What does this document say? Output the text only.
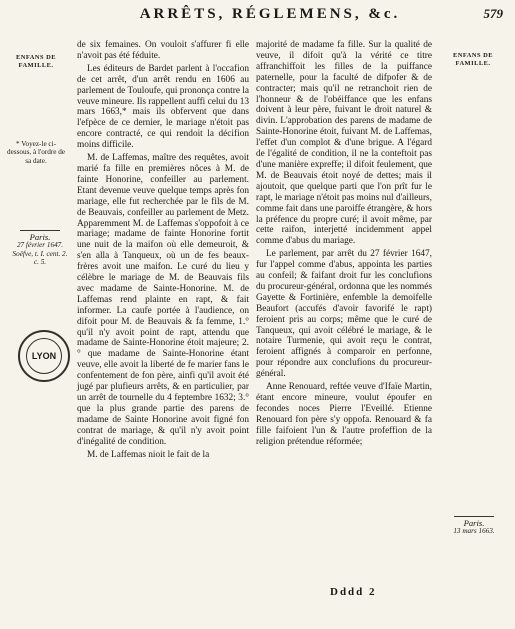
ARRÊTS, RÉGLEMENS, &c.	579
ENFANS DE FAMILLE.
* Voyez-le ci-dessous, à l'ordre de sa date.
Paris.
27 février 1647.
Soëfve, t. I. cent. 2. c. 5.
ENFANS DE FAMILLE.
Paris.
13 mars 1663.
LYON

de six femaines. On vouloit s'affurer fi elle n'avoit pas été féduite.

Les éditeurs de Bardet parlent à l'occafion de cet arrêt, d'un arrêt rendu en 1606 au parlement de Touloufe, qui prononça contre la veuve mineure. Ils rappellent auffi celui du 13 mars 1663,* mais ils obfervent que dans l'efpèce de ce dernier, le mariage n'étoit pas encore contracté, ce qui rendoit la décifion moins difficile.

M. de Laffemas, maître des requêtes, avoit marié fa fille en premières nôces à M. de fainte Honorine, confeiller au parlement. Etant devenue veuve quelque temps après fon mariage, elle fut recherchée par le fils de M. de Beauvais, confeiller au parlement de Metz. Apparemment M. de Laffemas s'oppofoit à ce mariage; madame de fainte Honorine fortit une nuit de la maifon où elle demeuroit, & s'en alla à Tanqueux, où un de fes beaux-frères avoit une maifon. Le curé du lieu y célèbre le mariage de M. de Beauvais fils avec madame de Sainte-Honorine. M. de Laffemas rend plainte en rapt, & fait informer. La caufe portée à l'audience, on difoit pour M. de Beauvais & fa femme, 1.° qu'il n'y avoit point de rapt, attendu que madame de Sainte-Honorine étoit majeure; 2.° que madame de Sainte-Honorine étant veuve, elle avoit la liberté de fe marier fans le confentement de fon père, ainfi qu'il avoit été jugé par plufieurs arrêts, & en particulier, par un arrêt de tournelle du 4 feptembre 1632; 3.° que la plus grande partie des parens de madame de Sainte Honorine avoit figné fon contrat de mariage, & qu'il n'y avoit point d'inégalité de condition.

M. de Laffemas nioit le fait de la

majorité de madame fa fille. Sur la qualité de veuve, il difoit qu'à la vérité ce titre affranchiffoit les filles de la puiffance paternelle, pour la faculté de difpofer & de contracter; mais qu'il ne retranchoit rien de l'honneur & de l'obéiffance que les enfans doivent à leur père, fuivant le droit naturel & divin. L'approbation des parens de madame de Sainte-Honorine étoit, fuivant M. de Laffemas, l'effet d'un complot & d'une brigue. A l'égard de l'égalité de condition, il ne la conteftoit pas d'une manière expreffe; il difoit feulement, que M. de Beauvais étoit noyé de dettes; mais il ajoutoit, que quelque parti que l'on prît fur le rapt, le mariage n'étoit pas moins nul d'ailleurs, comme fait dans une paroiffe étrangère, & hors la préfence du propre curé; il avoit même, par cette raifon, interjetté incidemment appel comme d'abus du mariage.

Le parlement, par arrêt du 27 février 1647, fur l'appel comme d'abus, appointa les parties au confeil; & faifant droit fur les conclufions du procureur-général, ordonna que les nommés Gayette & Fortinière, enfemble la demoifelle Beaufort (accufés d'avoir favorifé le rapt) feroient pris au corps; même que le curé de Tanqueux, qui avoit célébré le mariage, & le notaire Turmenie, qui avoit reçu le contrat, feroient affignés à comparoir en perfonne, pour répondre aux conclufions du procureur-général.

Anne Renouard, reftée veuve d'Ifaïe Martin, étant encore mineure, voulut époufer en fecondes noces Pierre l'Eveillé. Etienne Renouard fon père s'y oppofa. Renouard & fa fille faifoient l'un & l'autre profeffion de la religion prétendue réformée;

Dddd 2
